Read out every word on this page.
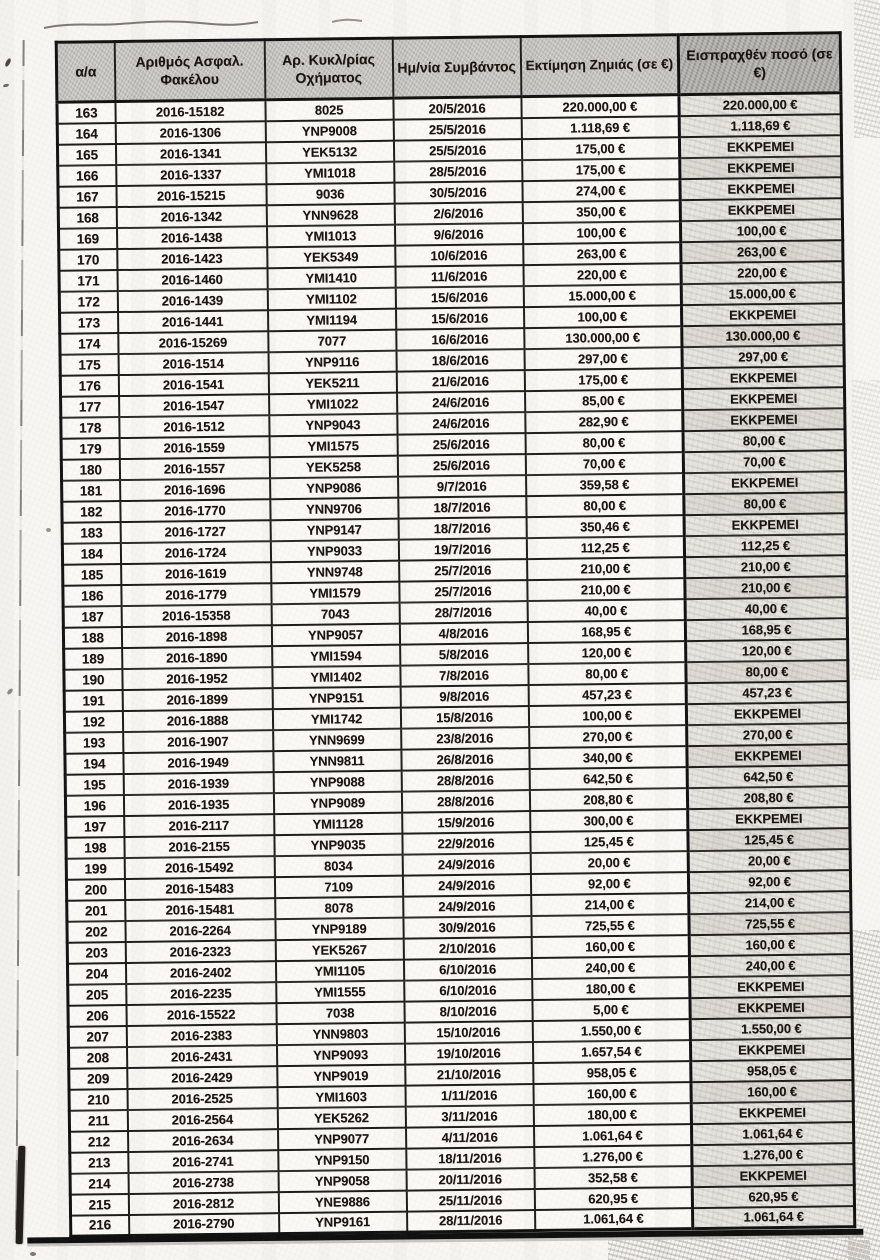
α/α	Αριθμός Ασφαλ. Φακέλου	Αρ. Κυκλ/ρίας Οχήματος	Ημ/νία Συμβάντος	Εκτίμηση Ζημιάς (σε €)	Εισπραχθέν ποσό (σε €)
163	2016-15182	8025	20/5/2016	220.000,00 €	220.000,00 €
164	2016-1306	YNP9008	25/5/2016	1.118,69 €	1.118,69 €
165	2016-1341	YEK5132	25/5/2016	175,00 €	ΕΚΚΡΕΜΕΙ
166	2016-1337	YMI1018	28/5/2016	175,00 €	ΕΚΚΡΕΜΕΙ
167	2016-15215	9036	30/5/2016	274,00 €	ΕΚΚΡΕΜΕΙ
168	2016-1342	YNN9628	2/6/2016	350,00 €	ΕΚΚΡΕΜΕΙ
169	2016-1438	YMI1013	9/6/2016	100,00 €	100,00 €
170	2016-1423	YEK5349	10/6/2016	263,00 €	263,00 €
171	2016-1460	YMI1410	11/6/2016	220,00 €	220,00 €
172	2016-1439	YMI1102	15/6/2016	15.000,00 €	15.000,00 €
173	2016-1441	YMI1194	15/6/2016	100,00 €	ΕΚΚΡΕΜΕΙ
174	2016-15269	7077	16/6/2016	130.000,00 €	130.000,00 €
175	2016-1514	YNP9116	18/6/2016	297,00 €	297,00 €
176	2016-1541	YEK5211	21/6/2016	175,00 €	ΕΚΚΡΕΜΕΙ
177	2016-1547	YMI1022	24/6/2016	85,00 €	ΕΚΚΡΕΜΕΙ
178	2016-1512	YNP9043	24/6/2016	282,90 €	ΕΚΚΡΕΜΕΙ
179	2016-1559	YMI1575	25/6/2016	80,00 €	80,00 €
180	2016-1557	YEK5258	25/6/2016	70,00 €	70,00 €
181	2016-1696	YNP9086	9/7/2016	359,58 €	ΕΚΚΡΕΜΕΙ
182	2016-1770	YNN9706	18/7/2016	80,00 €	80,00 €
183	2016-1727	YNP9147	18/7/2016	350,46 €	ΕΚΚΡΕΜΕΙ
184	2016-1724	YNP9033	19/7/2016	112,25 €	112,25 €
185	2016-1619	YNN9748	25/7/2016	210,00 €	210,00 €
186	2016-1779	YMI1579	25/7/2016	210,00 €	210,00 €
187	2016-15358	7043	28/7/2016	40,00 €	40,00 €
188	2016-1898	YNP9057	4/8/2016	168,95 €	168,95 €
189	2016-1890	YMI1594	5/8/2016	120,00 €	120,00 €
190	2016-1952	YMI1402	7/8/2016	80,00 €	80,00 €
191	2016-1899	YNP9151	9/8/2016	457,23 €	457,23 €
192	2016-1888	YMI1742	15/8/2016	100,00 €	ΕΚΚΡΕΜΕΙ
193	2016-1907	YNN9699	23/8/2016	270,00 €	270,00 €
194	2016-1949	YNN9811	26/8/2016	340,00 €	ΕΚΚΡΕΜΕΙ
195	2016-1939	YNP9088	28/8/2016	642,50 €	642,50 €
196	2016-1935	YNP9089	28/8/2016	208,80 €	208,80 €
197	2016-2117	YMI1128	15/9/2016	300,00 €	ΕΚΚΡΕΜΕΙ
198	2016-2155	YNP9035	22/9/2016	125,45 €	125,45 €
199	2016-15492	8034	24/9/2016	20,00 €	20,00 €
200	2016-15483	7109	24/9/2016	92,00 €	92,00 €
201	2016-15481	8078	24/9/2016	214,00 €	214,00 €
202	2016-2264	YNP9189	30/9/2016	725,55 €	725,55 €
203	2016-2323	YEK5267	2/10/2016	160,00 €	160,00 €
204	2016-2402	YMI1105	6/10/2016	240,00 €	240,00 €
205	2016-2235	YMI1555	6/10/2016	180,00 €	ΕΚΚΡΕΜΕΙ
206	2016-15522	7038	8/10/2016	5,00 €	ΕΚΚΡΕΜΕΙ
207	2016-2383	YNN9803	15/10/2016	1.550,00 €	1.550,00 €
208	2016-2431	YNP9093	19/10/2016	1.657,54 €	ΕΚΚΡΕΜΕΙ
209	2016-2429	YNP9019	21/10/2016	958,05 €	958,05 €
210	2016-2525	YMI1603	1/11/2016	160,00 €	160,00 €
211	2016-2564	YEK5262	3/11/2016	180,00 €	ΕΚΚΡΕΜΕΙ
212	2016-2634	YNP9077	4/11/2016	1.061,64 €	1.061,64 €
213	2016-2741	YNP9150	18/11/2016	1.276,00 €	1.276,00 €
214	2016-2738	YNP9058	20/11/2016	352,58 €	ΕΚΚΡΕΜΕΙ
215	2016-2812	YNE9886	25/11/2016	620,95 €	620,95 €
216	2016-2790	YNP9161	28/11/2016	1.061,64 €	1.061,64 €
